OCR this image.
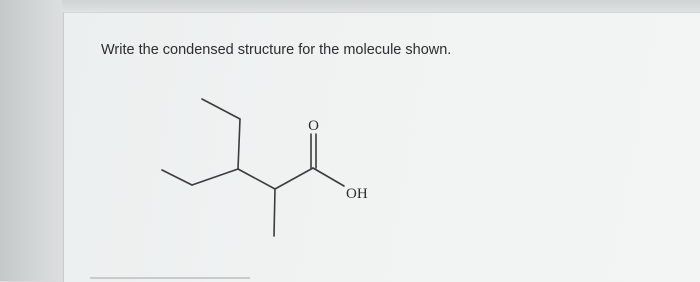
Write the condensed structure for the molecule shown.

O
OH
